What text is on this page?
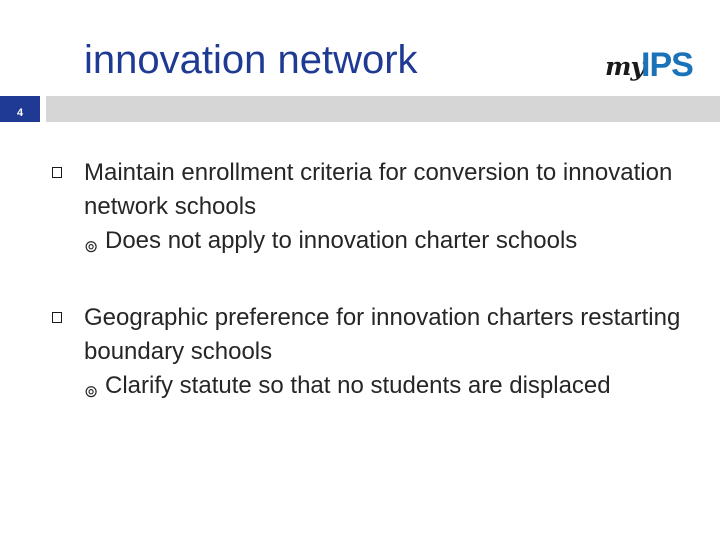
innovation network	my
IPS
4
Maintain enrollment criteria for conversion to innovation network schools
⊚ Does not apply to innovation charter schools
Geographic preference for innovation charters restarting boundary schools
⊚ Clarify statute so that no students are displaced
